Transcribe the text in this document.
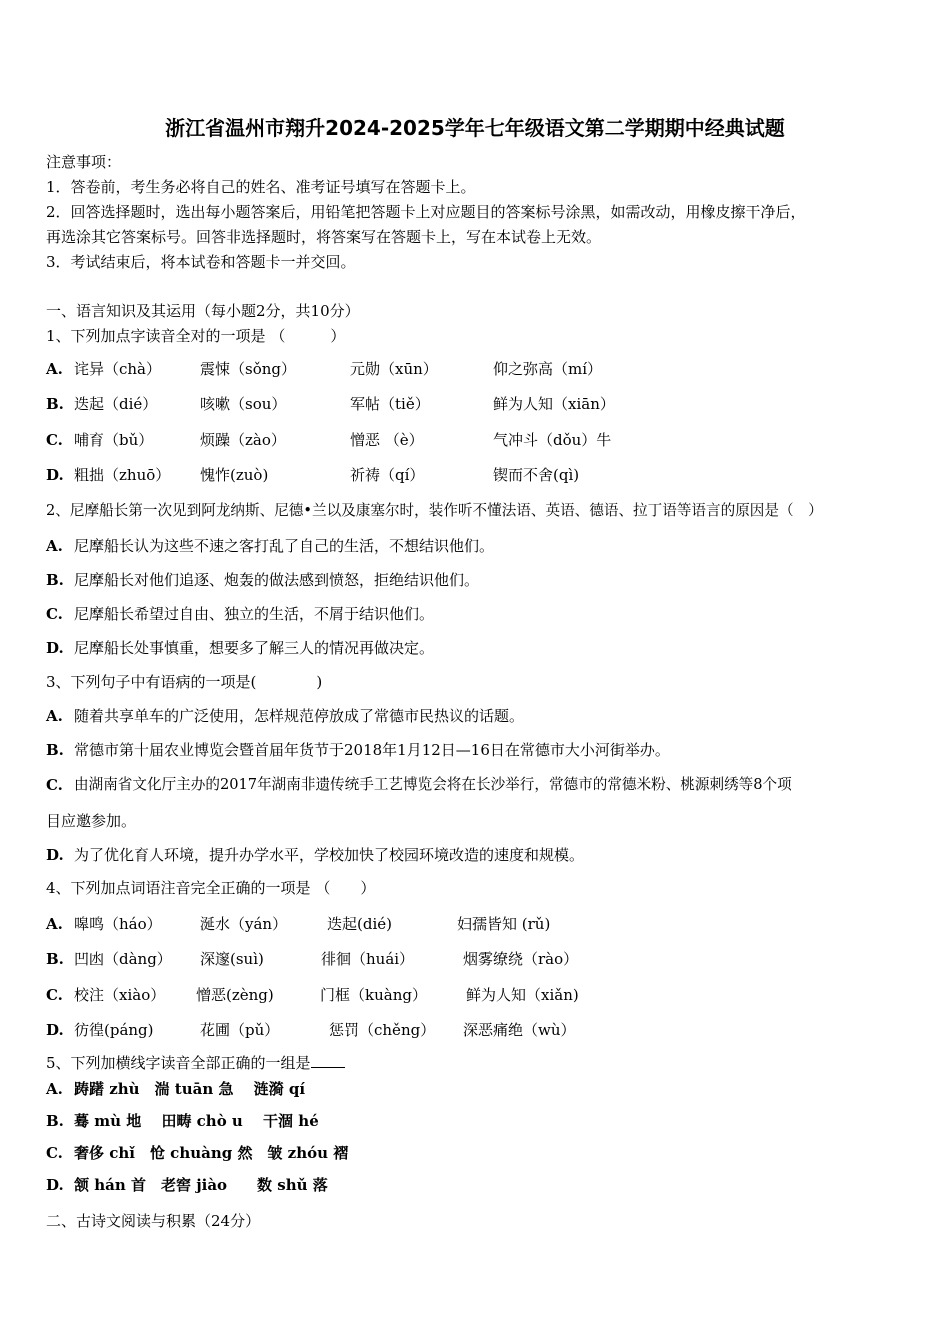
浙江省温州市翔升2024-2025学年七年级语文第二学期期中经典试题
注意事项：
1．答卷前，考生务必将自己的姓名、准考证号填写在答题卡上。
2．回答选择题时，选出每小题答案后，用铅笔把答题卡上对应题目的答案标号涂黑，如需改动，用橡皮擦干净后，
再选涂其它答案标号。回答非选择题时，将答案写在答题卡上，写在本试卷上无效。
3．考试结束后，将本试卷和答题卡一并交回。
一、语言知识及其运用（每小题2分，共10分）
1、下列加点字读音全对的一项是 （　　　）
A. 诧异（chà）	震悚（sǒng）	元勋（xūn）	仰之弥高（mí）
B. 迭起（dié）	咳嗽（sou）	军帖（tiě）	鲜为人知（xiān）
C. 哺育（bǔ）	烦躁（zào）	憎恶 （è）	气冲斗（dǒu）牛
D. 粗拙（zhuō） 愧怍(zuò)	祈祷（qí）	锲而不舍(qì)
2、尼摩船长第一次见到阿龙纳斯、尼德•兰以及康塞尔时，装作听不懂法语、英语、德语、拉丁语等语言的原因是（　）
A. 尼摩船长认为这些不速之客打乱了自己的生活，不想结识他们。
B. 尼摩船长对他们追逐、炮轰的做法感到愤怒，拒绝结识他们。
C. 尼摩船长希望过自由、独立的生活，不屑于结识他们。
D. 尼摩船长处事慎重，想要多了解三人的情况再做决定。
3、下列句子中有语病的一项是(　　　　)
A. 随着共享单车的广泛使用，怎样规范停放成了常德市民热议的话题。
B. 常德市第十届农业博览会暨首届年货节于2018年1月12日—16日在常德市大小河街举办。
C. 由湖南省文化厅主办的2017年湖南非遗传统手工艺博览会将在长沙举行，常德市的常德米粉、桃源刺绣等8个项
目应邀参加。
D. 为了优化育人环境，提升办学水平，学校加快了校园环境改造的速度和规模。
4、下列加点词语注音完全正确的一项是 （　　）
A. 嗥鸣（háo）	涎水（yán）	迭起(dié)	妇孺皆知 (rǔ)
B. 凹凼（dàng） 深邃(suì)	徘徊（huái）	烟雾缭绕（rào）
C. 校注（xiào） 憎恶(zèng)	门框（kuàng）	鲜为人知（xiǎn)
D. 彷徨(páng)	花圃（pǔ）	惩罚（chěng） 深恶痛绝（wù）
5、下列加横线字读音全部正确的一组是
A. 踌躇 zhù　湍 tuān 急　 涟漪 qí
B. 蓦 mù 地　 田畴 chò u　 干涸 hé
C. 奢侈 chǐ　怆 chuàng 然　皱 zhóu 褶
D. 颔 hán 首　老窖 jiào　　数 shǔ 落
二、古诗文阅读与积累（24分）
